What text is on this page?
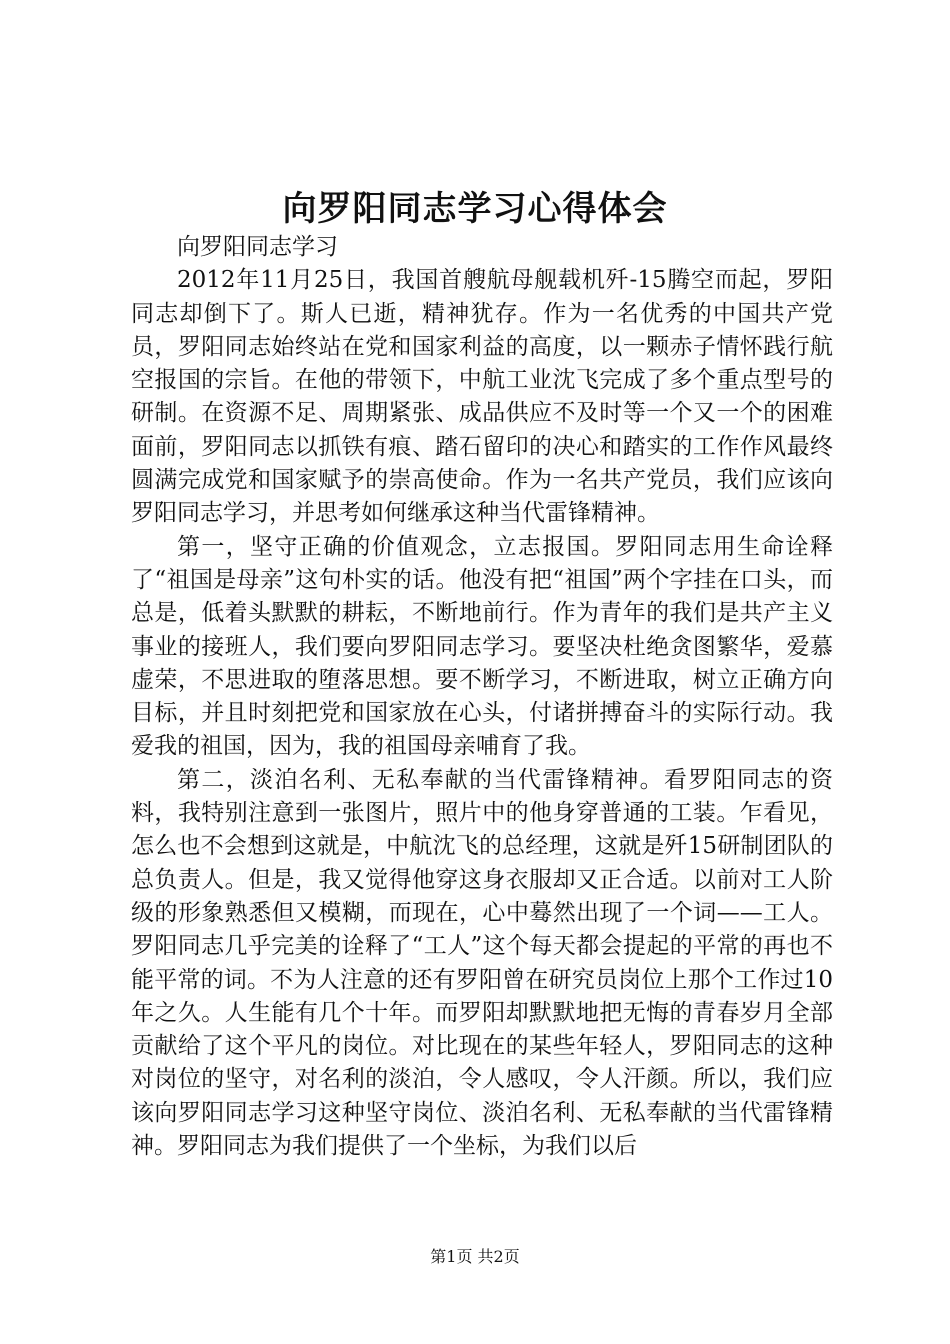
向罗阳同志学习心得体会

向罗阳同志学习

2012年11月25日，我国首艘航母舰载机歼-15腾空而起，罗阳同志却倒下了。斯人已逝，精神犹存。作为一名优秀的中国共产党员，罗阳同志始终站在党和国家利益的高度，以一颗赤子情怀践行航空报国的宗旨。在他的带领下，中航工业沈飞完成了多个重点型号的研制。在资源不足、周期紧张、成品供应不及时等一个又一个的困难面前，罗阳同志以抓铁有痕、踏石留印的决心和踏实的工作作风最终圆满完成党和国家赋予的崇高使命。作为一名共产党员，我们应该向罗阳同志学习，并思考如何继承这种当代雷锋精神。

第一，坚守正确的价值观念，立志报国。罗阳同志用生命诠释了“祖国是母亲”这句朴实的话。他没有把“祖国”两个字挂在口头，而总是，低着头默默的耕耘，不断地前行。作为青年的我们是共产主义事业的接班人，我们要向罗阳同志学习。要坚决杜绝贪图繁华，爱慕虚荣，不思进取的堕落思想。要不断学习，不断进取，树立正确方向目标，并且时刻把党和国家放在心头，付诸拼搏奋斗的实际行动。我爱我的祖国，因为，我的祖国母亲哺育了我。

第二，淡泊名利、无私奉献的当代雷锋精神。看罗阳同志的资料，我特别注意到一张图片，照片中的他身穿普通的工装。乍看见，怎么也不会想到这就是，中航沈飞的总经理，这就是歼15研制团队的总负责人。但是，我又觉得他穿这身衣服却又正合适。以前对工人阶级的形象熟悉但又模糊，而现在，心中蓦然出现了一个词——工人。罗阳同志几乎完美的诠释了“工人”这个每天都会提起的平常的再也不能平常的词。不为人注意的还有罗阳曾在研究员岗位上那个工作过10年之久。人生能有几个十年。而罗阳却默默地把无悔的青春岁月全部贡献给了这个平凡的岗位。对比现在的某些年轻人，罗阳同志的这种对岗位的坚守，对名利的淡泊，令人感叹，令人汗颜。所以，我们应该向罗阳同志学习这种坚守岗位、淡泊名利、无私奉献的当代雷锋精神。罗阳同志为我们提供了一个坐标，为我们以后

第1页 共2页
